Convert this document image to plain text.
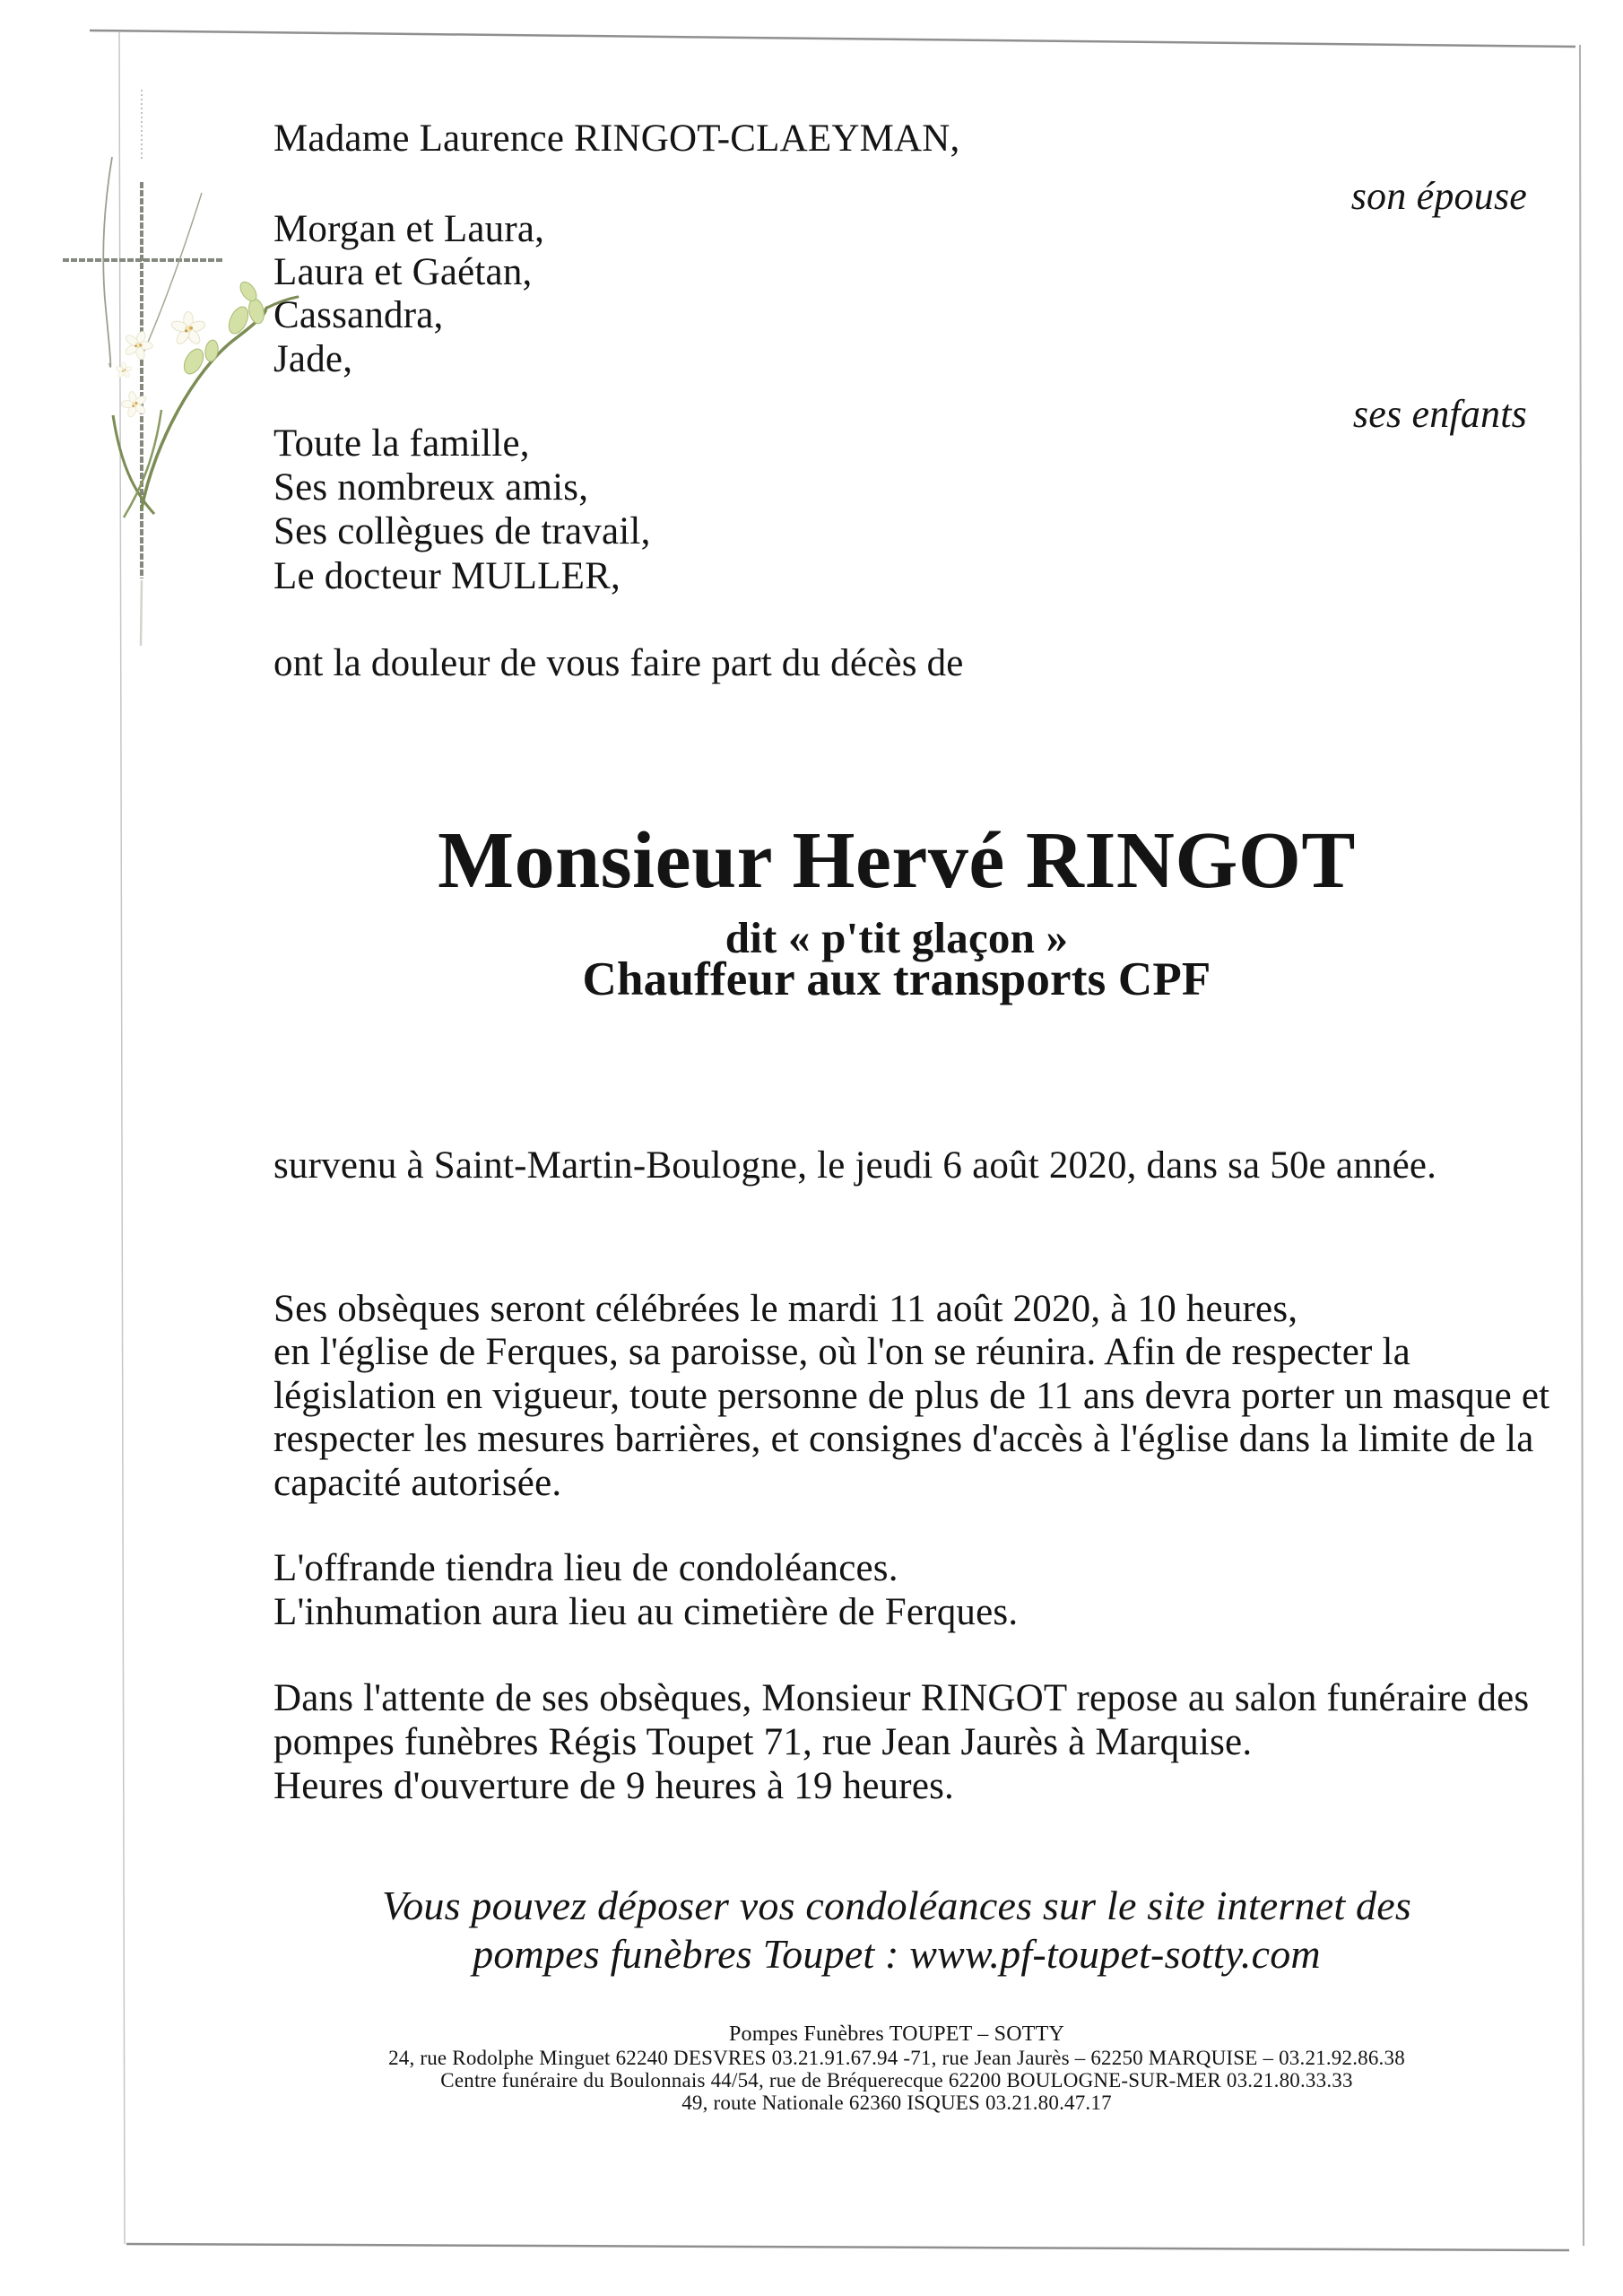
Madame Laurence RINGOT-CLAEYMAN,
son épouse
Morgan et Laura,
Laura et Gaétan,
Cassandra,
Jade,
ses enfants
Toute la famille,
Ses nombreux amis,
Ses collègues de travail,
Le docteur MULLER,
ont la douleur de vous faire part du décès de
Monsieur Hervé RINGOT
dit « p'tit glaçon »
Chauffeur aux transports CPF
survenu à Saint-Martin-Boulogne, le jeudi 6 août 2020, dans sa 50e année.
Ses obsèques seront célébrées le mardi 11 août 2020, à 10 heures,
en l'église de Ferques, sa paroisse, où l'on se réunira. Afin de respecter la
législation en vigueur, toute personne de plus de 11 ans devra porter un masque et
respecter les mesures barrières, et consignes d'accès à l'église dans la limite de la
capacité autorisée.
L'offrande tiendra lieu de condoléances.
L'inhumation aura lieu au cimetière de Ferques.
Dans l'attente de ses obsèques, Monsieur RINGOT repose au salon funéraire des
pompes funèbres Régis Toupet 71, rue Jean Jaurès à Marquise.
Heures d'ouverture de 9 heures à 19 heures.
Vous pouvez déposer vos condoléances sur le site internet des
pompes funèbres Toupet : www.pf-toupet-sotty.com
Pompes Funèbres TOUPET – SOTTY
24, rue Rodolphe Minguet 62240 DESVRES 03.21.91.67.94 -71, rue Jean Jaurès – 62250 MARQUISE – 03.21.92.86.38
Centre funéraire du Boulonnais 44/54, rue de Bréquerecque 62200 BOULOGNE-SUR-MER 03.21.80.33.33
49, route Nationale 62360 ISQUES 03.21.80.47.17
